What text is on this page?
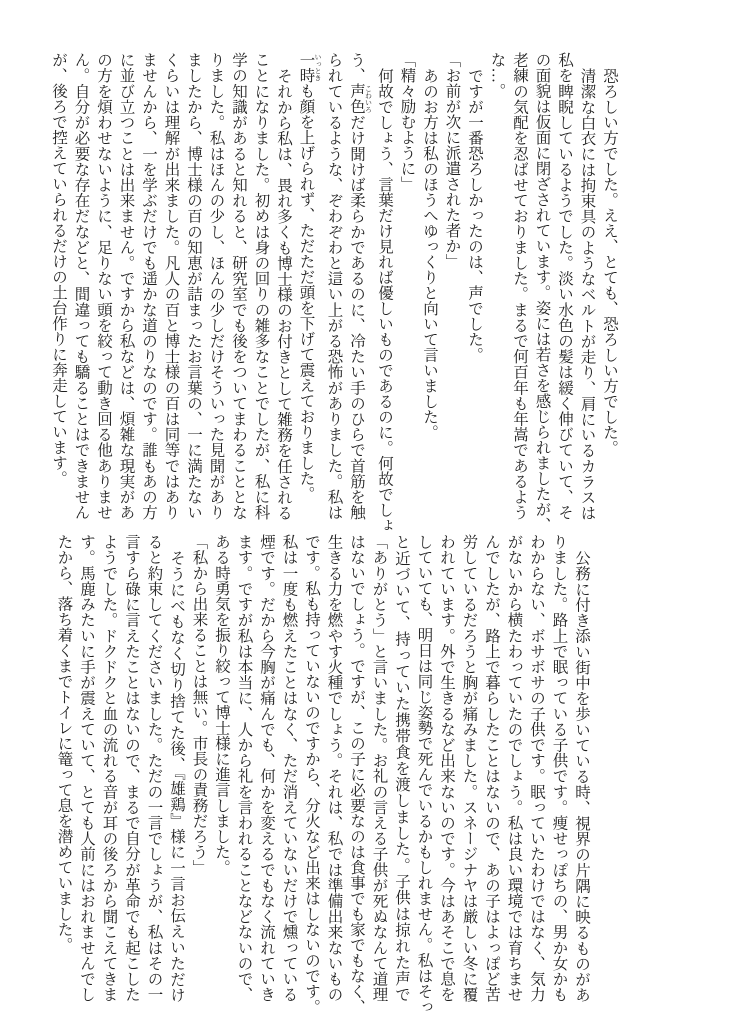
恐ろしい方でした。ええ、とても、恐ろしい方でした。
清潔な白衣には拘束具のようなベルトが走り、肩にいるカラスは
私を睥睨しているようでした。淡い水色の髪は緩く伸びていて、そ
の面貌は仮面に閉ざされています。姿には若さを感じられましたが、
老練の気配を忍ばせておりました。まるで何百年も年嵩であるよう
な…。
ですが一番恐ろしかったのは、声でした。
「お前が次に派遣された者か」
あのお方は私のほうへゆっくりと向いて言いました。
「精々励むように」
何故でしょう、言葉だけ見れば優しいものであるのに。何故でしょ
う、声色 こわいろだけ聞けば柔らかであるのに、冷たい手のひらで首筋を触
られているような、ぞわぞわと這い上がる恐怖がありました。私は
一時 いっときも顔を上げられず、ただただ頭を下げて震えておりました。
それから私は、畏れ多くも博士様のお付きとして雑務を任される
ことになりました。初めは身の回りの雑多なことでしたが、私に科
学の知識があると知れると、研究室でも後をついてまわることとな
りました。私はほんの少し、ほんの少しだけそういった見聞があり
ましたから、博士様の百の知恵が詰まったお言葉の、一に満たない
くらいは理解が出来ました。凡人の百と博士様の百は同等ではあり
ませんから、一を学ぶだけでも遥かな道のりなのです。誰もあの方
に並び立つことは出来ません。ですから私などは、煩雑な現実があ
の方を煩わせないように、足りない頭を絞って動き回る他ありませ
ん。自分が必要な存在だなどと、間違っても驕ることはできません
が、後ろで控えていられるだけの土台作りに奔走しています。
公務に付き添い街中を歩いている時、視界の片隅に映るものがあ
りました。路上で眠っている子供です。痩せっぽちの、男か女かも
わからない、ボサボサの子供です。眠っていたわけではなく、気力
がないから横たわっていたのでしょう。私は良い環境では育ちませ
んでしたが、路上で暮らしたことはないので、あの子はよっぽど苦
労しているだろうと胸が痛みました。スネージナヤは厳しい冬に覆
われています。外で生きるなど出来ないのです。今はあそこで息を
していても、明日は同じ姿勢で死んでいるかもしれません。私はそっ
と近づいて、持っていた携帯食を渡しました。子供は掠れた声で
「ありがとう」と言いました。お礼の言える子供が死ぬなんて道理
はないでしょう。ですが、この子に必要なのは食事でも家でもなく、
生きる力を燃やす火種でしょう。それは、私では準備出来ないもの
です。私も持っていないのですから、分火など出来はしないのです。
私は一度も燃えたことはなく、ただ消えていないだけで燻っている
煙です。だから今胸が痛んでも、何かを変えるでもなく流れていき
ます。ですが私は本当に、人から礼を言われることなどないので、
ある時勇気を振り絞って博士様に進言しました。
「私から出来ることは無い。市長の責務だろう」
そうにべもなく切り捨てた後、『雄鶏』様に一言お伝えいただけ
ると約束してくださいました。ただの一言でしょうが、私はその一
言すら碌に言えたことはないので、まるで自分が革命でも起こした
ようでした。ドクドクと血の流れる音が耳の後ろから聞こえてきま
す。馬鹿みたいに手が震えていて、とても人前にはおれませんでし
たから、落ち着くまでトイレに篭って息を潜めていました。
